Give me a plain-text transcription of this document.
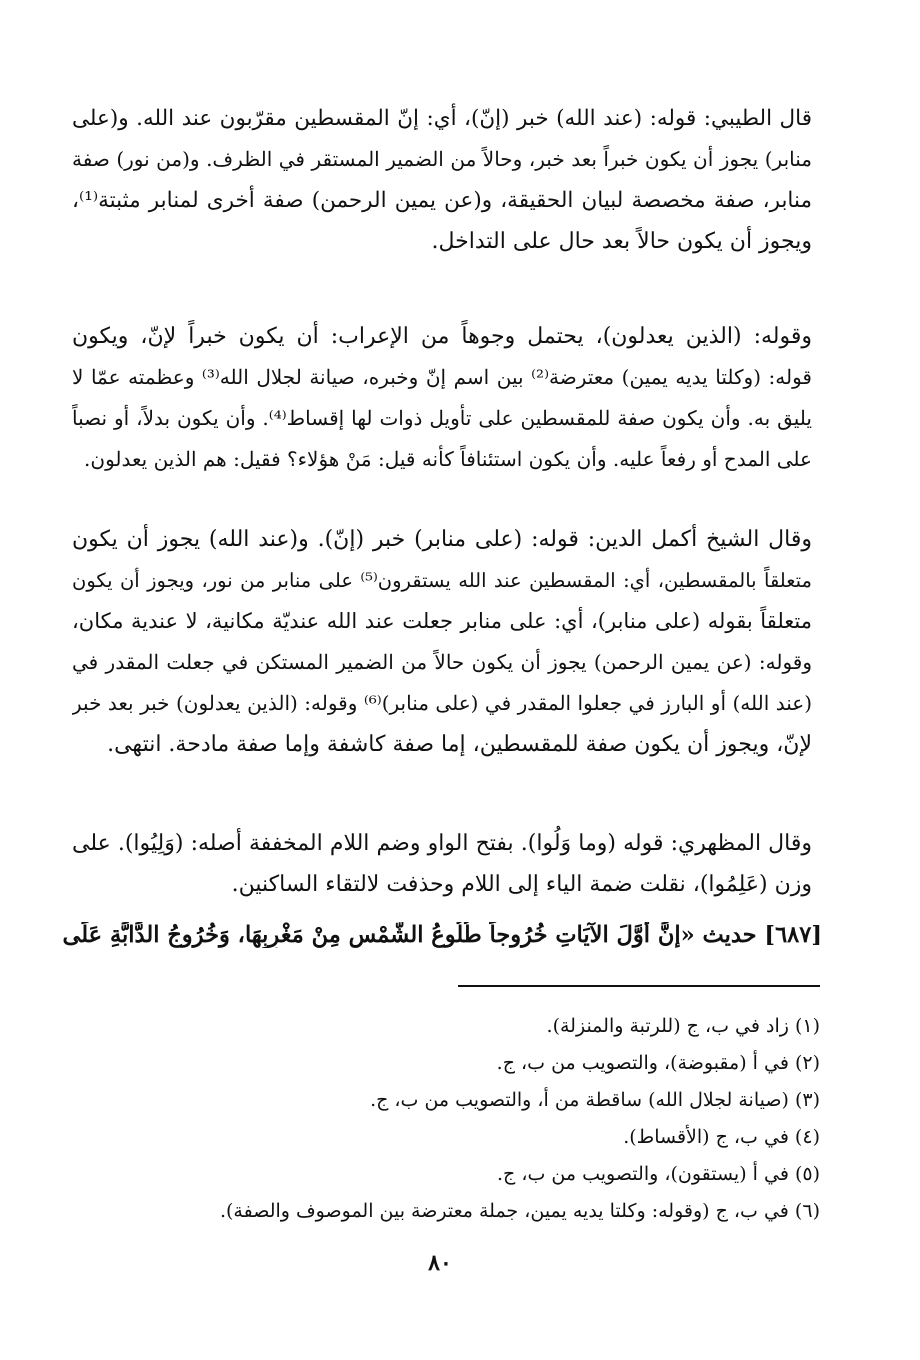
قال الطيبي: قوله: (عند الله) خبر (إنّ)، أي: إنّ المقسطين مقرّبون عند الله. و(على
منابر) يجوز أن يكون خبراً بعد خبر، وحالاً من الضمير المستقر في الظرف. و(من نور) صفة
منابر، صفة مخصصة لبيان الحقيقة، و(عن يمين الرحمن) صفة أخرى لمنابر مثبتة⁽¹⁾،
ويجوز أن يكون حالاً بعد حال على التداخل.

وقوله: (الذين يعدلون)، يحتمل وجوهاً من الإعراب: أن يكون خبراً لإنّ، ويكون
قوله: (وكلتا يديه يمين) معترضة⁽²⁾ بين اسم إنّ وخبره، صيانة لجلال الله⁽³⁾ وعظمته عمّا لا
يليق به. وأن يكون صفة للمقسطين على تأويل ذوات لها إقساط⁽⁴⁾. وأن يكون بدلاً، أو نصباً
على المدح أو رفعاً عليه. وأن يكون استئنافاً كأنه قيل: مَنْ هؤلاء؟ فقيل: هم الذين يعدلون.

وقال الشيخ أكمل الدين: قوله: (على منابر) خبر (إنّ). و(عند الله) يجوز أن يكون
متعلقاً بالمقسطين، أي: المقسطين عند الله يستقرون⁽⁵⁾ على منابر من نور، ويجوز أن يكون
متعلقاً بقوله (على منابر)، أي: على منابر جعلت عند الله عنديّة مكانية، لا عندية مكان،
وقوله: (عن يمين الرحمن) يجوز أن يكون حالاً من الضمير المستكن في جعلت المقدر في
(عند الله) أو البارز في جعلوا المقدر في (على منابر)⁽⁶⁾ وقوله: (الذين يعدلون) خبر بعد خبر
لإنّ، ويجوز أن يكون صفة للمقسطين، إما صفة كاشفة وإما صفة مادحة. انتهى.

وقال المظهري: قوله (وما وَلُوا). بفتح الواو وضم اللام المخففة أصله: (وَلِيُوا). على
وزن (عَلِمُوا)، نقلت ضمة الياء إلى اللام وحذفت لالتقاء الساكنين.

[٦٨٧] حديث «إِنَّ أَوَّلَ الآيَاتِ خُرُوجاً طُلُوعُ الشَّمْسِ مِنْ مَغْرِبِهَا، وَخُرُوجُ الدَّابَّةِ عَلَى
(١) زاد في ب، ج (للرتبة والمنزلة).
(٢) في أ (مقبوضة)، والتصويب من ب، ج.
(٣) (صيانة لجلال الله) ساقطة من أ، والتصويب من ب، ج.
(٤) في ب، ج (الأقساط).
(٥) في أ (يستقون)، والتصويب من ب، ج.
(٦) في ب، ج (وقوله: وكلتا يديه يمين، جملة معترضة بين الموصوف والصفة).
٨٠
